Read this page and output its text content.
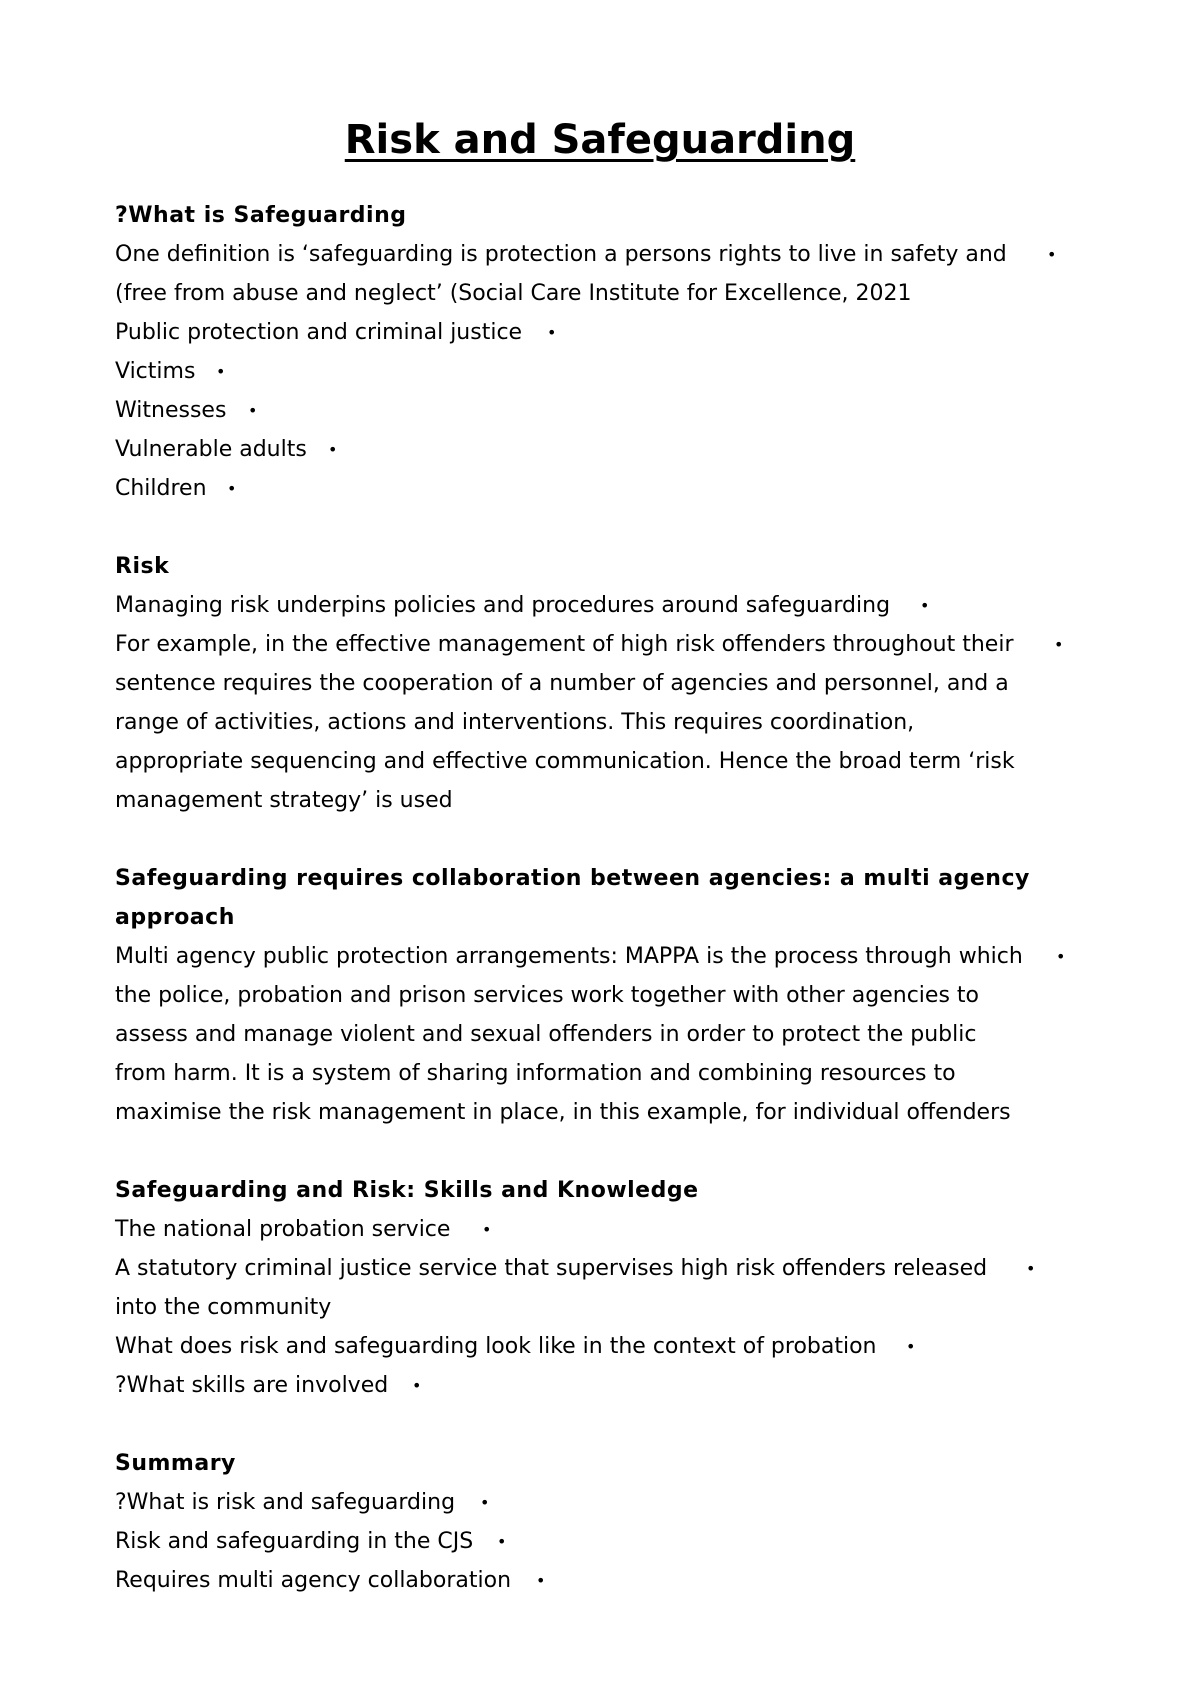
Risk and Safeguarding

?What is Safeguarding

One definition is ‘safeguarding is protection a persons rights to live in safety and	•

(free from abuse and neglect’ (Social Care Institute for Excellence, 2021

Public protection and criminal justice •

Victims •

Witnesses •

Vulnerable adults •

Children •

Risk

Managing risk underpins policies and procedures around safeguarding •

For example, in the effective management of high risk offenders throughout their	•

sentence requires the cooperation of a number of agencies and personnel, and a

range of activities, actions and interventions. This requires coordination,

appropriate sequencing and effective communication. Hence the broad term ‘risk

management strategy’ is used

Safeguarding requires collaboration between agencies: a multi agency

approach

Multi agency public protection arrangements: MAPPA is the process through which •

the police, probation and prison services work together with other agencies to

assess and manage violent and sexual offenders in order to protect the public

from harm. It is a system of sharing information and combining resources to

maximise the risk management in place, in this example, for individual offenders

Safeguarding and Risk: Skills and Knowledge

The national probation service •

A statutory criminal justice service that supervises high risk offenders released •

into the community

What does risk and safeguarding look like in the context of probation •

?What skills are involved •

Summary

?What is risk and safeguarding •

Risk and safeguarding in the CJS •

Requires multi agency collaboration •
